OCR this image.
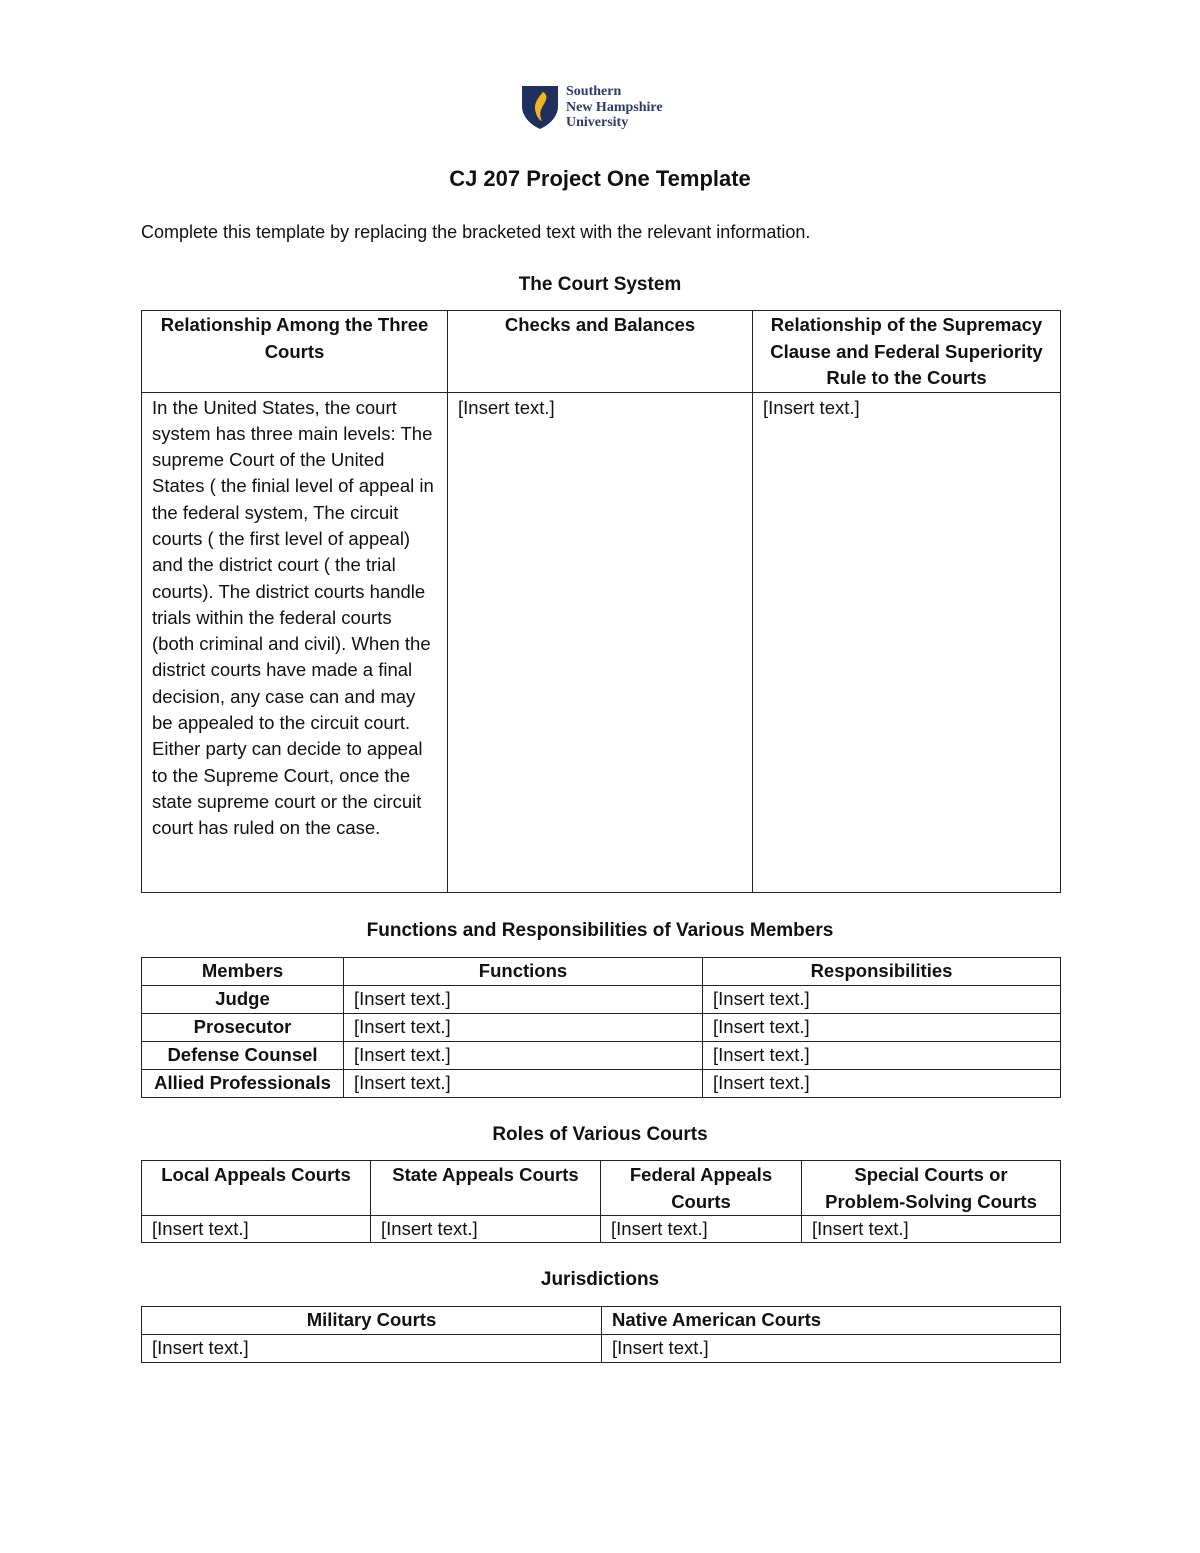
Southern
New Hampshire
University
CJ 207 Project One Template
Complete this template by replacing the bracketed text with the relevant information.
The Court System
Relationship Among the Three Courts	Checks and Balances	Relationship of the Supremacy Clause and Federal Superiority Rule to the Courts
In the United States, the court system has three main levels: The supreme Court of the United States ( the finial level of appeal in the federal system, The circuit courts ( the first level of appeal) and the district court ( the trial courts). The district courts handle trials within the federal courts (both criminal and civil). When the district courts have made a final decision, any case can and may be appealed to the circuit court. Either party can decide to appeal to the Supreme Court, once the state supreme court or the circuit court has ruled on the case.	[Insert text.]	[Insert text.]
Functions and Responsibilities of Various Members
Members	Functions	Responsibilities
Judge	[Insert text.]	[Insert text.]
Prosecutor	[Insert text.]	[Insert text.]
Defense Counsel	[Insert text.]	[Insert text.]
Allied Professionals	[Insert text.]	[Insert text.]
Roles of Various Courts
Local Appeals Courts	State Appeals Courts	Federal Appeals Courts	Special Courts or Problem-Solving Courts
[Insert text.]	[Insert text.]	[Insert text.]	[Insert text.]
Jurisdictions
Military Courts	Native American Courts
[Insert text.]	[Insert text.]
